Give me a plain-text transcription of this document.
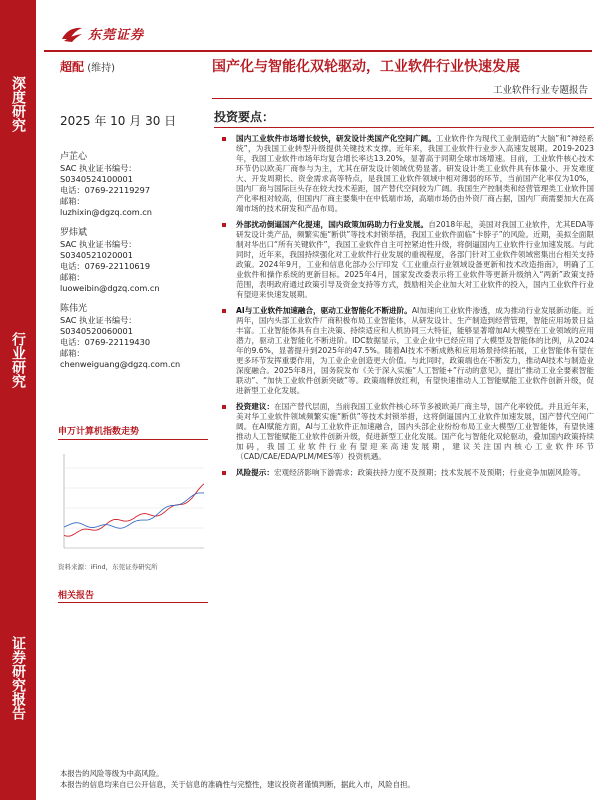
深度研究
行业研究
证券研究报告
东莞证券
超配 (维持)	国产化与智能化双轮驱动，工业软件行业快速发展
工业软件行业专题报告
2025 年 10 月 30 日
卢芷心
SAC 执业证书编号：
S0340524100001
电话：0769-22119297
邮箱：
luzhixin@dgzq.com.cn
罗炜斌
SAC 执业证书编号：
S0340521020001
电话：0769-22110619
邮箱：
luoweibin@dgzq.com.cn
陈伟光
SAC 执业证书编号：
S0340520060001
电话：0769-22119430
邮箱：
chenweiguang@dgzq.com.cn
申万计算机指数走势
资料来源：iFind，东莞证券研究所
相关报告
投资要点：
国内工业软件市场增长较快，研发设计类国产化空间广阔。工业软件作为现代工业制造的“大脑”和“神经系统”，为我国工业转型升级提供关键技术支撑。近年来，我国工业软件行业步入高速发展期。2019-2023年，我国工业软件市场年均复合增长率达13.20%，显著高于同期全球市场增速。目前，工业软件核心技术环节仍以欧美厂商参与为主，尤其在研发设计领域优势显著。研发设计类工业软件具有体量小、开发难度大、开发周期长、资金需求高等特点，是我国工业软件领域中相对薄弱的环节，当前国产化率仅为10%，国内厂商与国际巨头存在较大技术差距，国产替代空间较为广阔。我国生产控制类和经营管理类工业软件国产化率相对较高，但国内厂商主要集中在中低端市场，高端市场仍由外资厂商占据，国内厂商需要加大在高端市场的技术研发和产品布局。
外部扰动倒逼国产化提速，国内政策加码助力行业发展。自2018年起，美国对我国工业软件，尤其EDA等研发设计类产品，频繁实施“断供”等技术封锁举措，我国工业软件面临“卡脖子”的风险。近期，美拟全面限制对华出口“所有关键软件”，我国工业软件自主可控紧迫性升级，将倒逼国内工业软件行业加速发展。与此同时，近年来，我国持续强化对工业软件行业发展的重视程度，各部门针对工业软件领域密集出台相关支持政策。2024年9月，工业和信息化部办公厅印发《工业重点行业领域设备更新和技术改造指南》，明确了工业软件和操作系统的更新目标。2025年4月，国家发改委表示将工业软件等更新升级纳入“两新”政策支持范围，表明政府通过政策引导及资金支持等方式，鼓励相关企业加大对工业软件的投入，国内工业软件行业有望迎来快速发展期。
AI与工业软件加速融合，驱动工业智能化不断进阶。AI加速向工业软件渗透，成为推动行业发展新动能。近两年，国内头部工业软件厂商积极布局工业智能体，从研发设计、生产制造到经营管理，智能应用场景日益丰富。工业智能体具有自主决策、持续适应和人机协同三大特征，能够显著增加AI大模型在工业领域的应用潜力，驱动工业智能化不断进阶。IDC数据显示，工业企业中已经应用了大模型及智能体的比例，从2024年的9.6%，显著提升到2025年的47.5%。随着AI技术不断成熟和应用场景持续拓展，工业智能体有望在更多环节发挥重要作用，为工业企业创造更大价值。与此同时，政策端也在不断发力，推动AI技术与制造业深度融合。2025年8月，国务院发布《关于深入实施“人工智能+”行动的意见》，提出“推动工业全要素智能联动”、“加快工业软件创新突破”等。政策端释放红利，有望快速推动人工智能赋能工业软件创新升级，促进新型工业化发展。
投资建议：在国产替代层面，当前我国工业软件核心环节多被欧美厂商主导，国产化率较低。并且近年来，美对华工业软件领域频繁实施“断供”等技术封锁举措，这将倒逼国内工业软件加速发展，国产替代空间广阔。在AI赋能方面，AI与工业软件正加速融合，国内头部企业纷纷布局工业大模型/工业智能体，有望快速推动人工智能赋能工业软件创新升级，促进新型工业化发展。国产化与智能化双轮驱动，叠加国内政策持续加码，我国工业软件行业有望迎来高速发展期，建议关注国内核心工业软件环节（CAD/CAE/EDA/PLM/MES等）投资机遇。
风险提示：宏观经济影响下游需求；政策扶持力度不及预期；技术发展不及预期；行业竞争加剧风险等。
本报告的风险等级为中高风险。
本报告的信息均来自已公开信息，关于信息的准确性与完整性，建议投资者谨慎判断，据此入市，风险自担。
